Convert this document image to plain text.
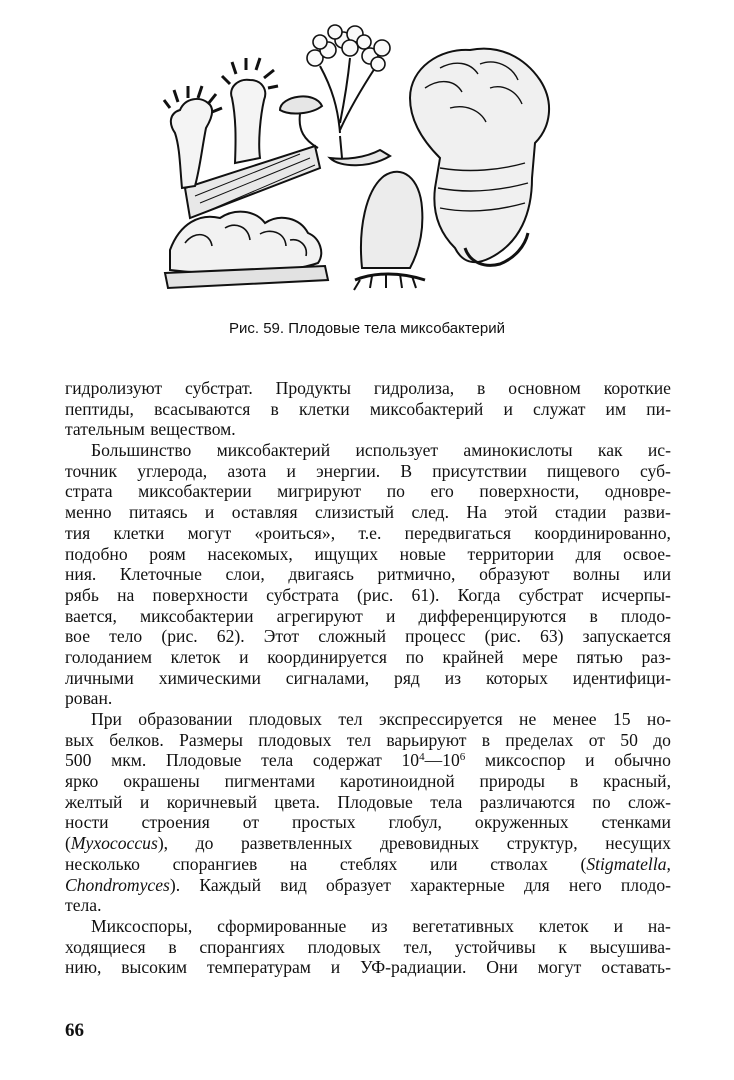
Рис. 59. Плодовые тела миксобактерий
гидролизуют субстрат. Продукты гидролиза, в основном короткие
пептиды, всасываются в клетки миксобактерий и служат им пи-
тательным веществом.
Большинство миксобактерий использует аминокислоты как ис-
точник углерода, азота и энергии. В присутствии пищевого суб-
страта миксобактерии мигрируют по его поверхности, одновре-
менно питаясь и оставляя слизистый след. На этой стадии разви-
тия клетки могут «роиться», т.е. передвигаться координированно,
подобно роям насекомых, ищущих новые территории для освое-
ния. Клеточные слои, двигаясь ритмично, образуют волны или
рябь на поверхности субстрата (рис. 61). Когда субстрат исчерпы-
вается, миксобактерии агрегируют и дифференцируются в плодо-
вое тело (рис. 62). Этот сложный процесс (рис. 63) запускается
голоданием клеток и координируется по крайней мере пятью раз-
личными химическими сигналами, ряд из которых идентифици-
рован.
При образовании плодовых тел экспрессируется не менее 15 но-
вых белков. Размеры плодовых тел варьируют в пределах от 50 до
500 мкм. Плодовые тела содержат $10^4—10^6$ миксоспор и обычно
ярко окрашены пигментами каротиноидной природы в красный,
желтый и коричневый цвета. Плодовые тела различаются по слож-
ности строения от простых глобул, окруженных стенками
(Myxococcus), до разветвленных древовидных структур, несущих
несколько спорангиев на стеблях или стволах (Stigmatella,
Chondromyces). Каждый вид образует характерные для него плодо-
тела.
Миксоспоры, сформированные из вегетативных клеток и на-
ходящиеся в спорангиях плодовых тел, устойчивы к высушива-
нию, высоким температурам и УФ-радиации. Они могут оставать-
66
